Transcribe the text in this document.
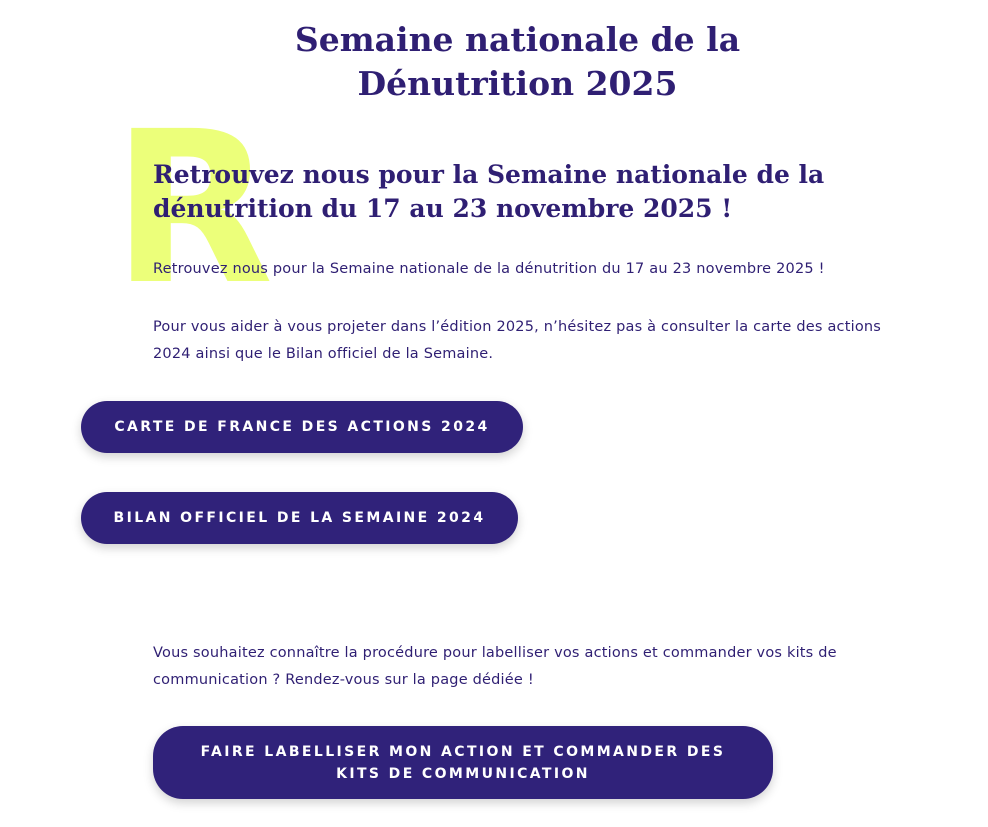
Semaine nationale de la
Dénutrition 2025
R
Retrouvez nous pour la Semaine nationale de la dénutrition du 17 au 23 novembre 2025 !

Retrouvez nous pour la Semaine nationale de la dénutrition du 17 au 23 novembre 2025 !

Pour vous aider à vous projeter dans l’édition 2025, n’hésitez pas à consulter la carte des actions 2024 ainsi que le Bilan officiel de la Semaine.

CARTE DE FRANCE DES ACTIONS 2024
BILAN OFFICIEL DE LA SEMAINE 2024

Vous souhaitez connaître la procédure pour labelliser vos actions et commander vos kits de communication ? Rendez-vous sur la page dédiée !

FAIRE LABELLISER MON ACTION ET COMMANDER DES KITS DE COMMUNICATION
